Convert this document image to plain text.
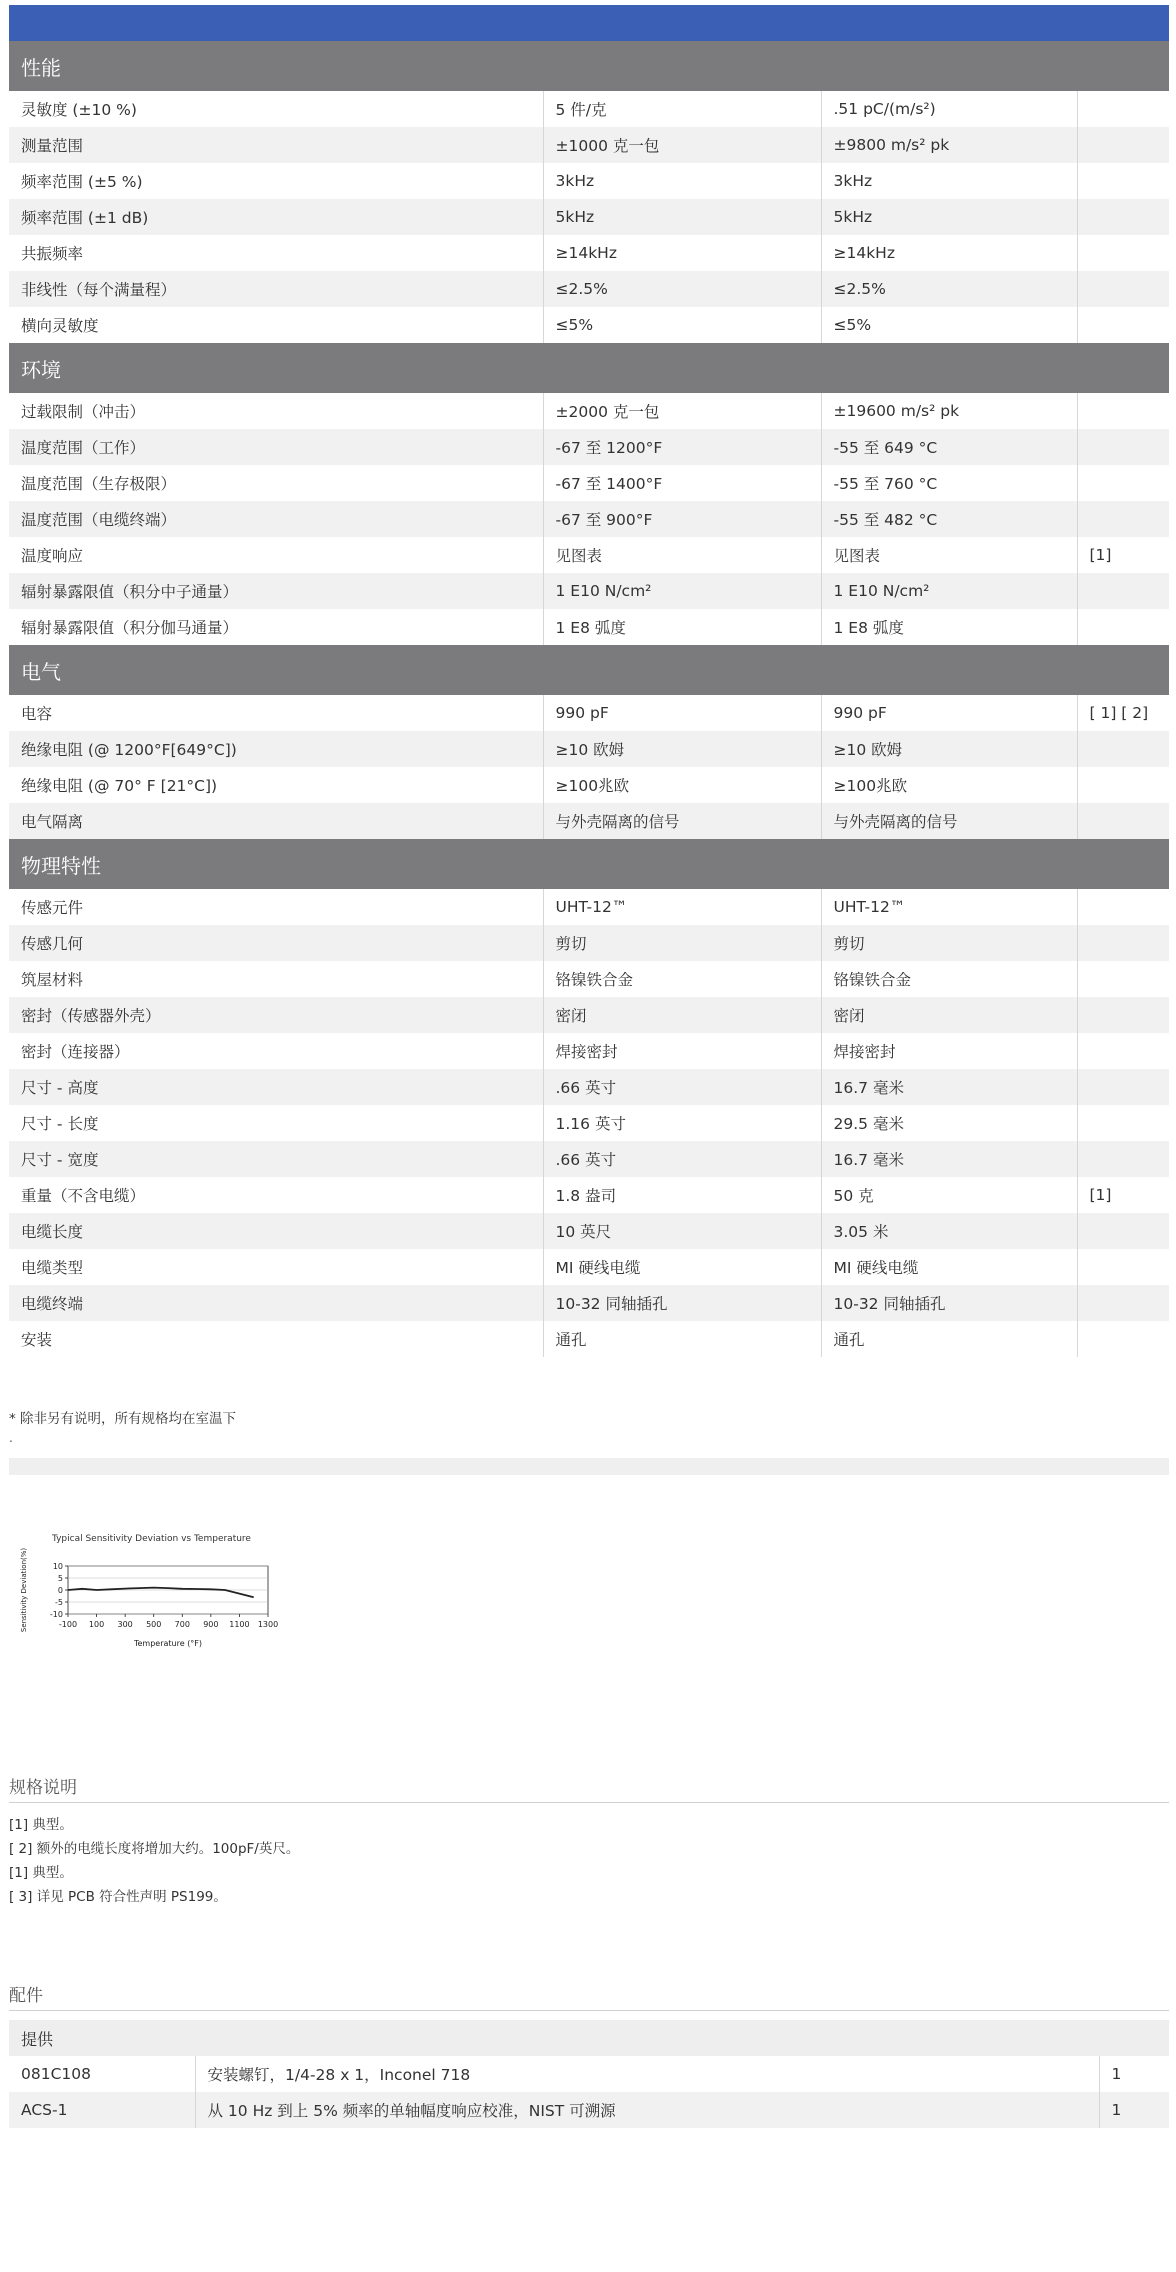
性能			
灵敏度 (±10 %)	5 件/克	.51 pC/(m/s²)	
测量范围	±1000 克一包	±9800 m/s² pk	
频率范围 (±5 %)	3kHz	3kHz	
频率范围 (±1 dB)	5kHz	5kHz	
共振频率	≥14kHz	≥14kHz	
非线性（每个满量程）	≤2.5%	≤2.5%	
横向灵敏度	≤5%	≤5%	
环境			
过载限制（冲击）	±2000 克一包	±19600 m/s² pk	
温度范围（工作）	-67 至 1200°F	-55 至 649 °C	
温度范围（生存极限）	-67 至 1400°F	-55 至 760 °C	
温度范围（电缆终端）	-67 至 900°F	-55 至 482 °C	
温度响应	见图表	见图表	[1]
辐射暴露限值（积分中子通量）	1 E10 N/cm²	1 E10 N/cm²	
辐射暴露限值（积分伽马通量）	1 E8 弧度	1 E8 弧度	
电气			
电容	990 pF	990 pF	[ 1] [ 2]
绝缘电阻 (@ 1200°F[649°C])	≥10 欧姆	≥10 欧姆	
绝缘电阻 (@ 70° F [21°C])	≥100兆欧	≥100兆欧	
电气隔离	与外壳隔离的信号	与外壳隔离的信号	
物理特性			
传感元件	UHT-12™	UHT-12™	
传感几何	剪切	剪切	
筑屋材料	铬镍铁合金	铬镍铁合金	
密封（传感器外壳）	密闭	密闭	
密封（连接器）	焊接密封	焊接密封	
尺寸 - 高度	.66 英寸	16.7 毫米	
尺寸 - 长度	1.16 英寸	29.5 毫米	
尺寸 - 宽度	.66 英寸	16.7 毫米	
重量（不含电缆）	1.8 盎司	50 克	[1]
电缆长度	10 英尺	3.05 米	
电缆类型	MI 硬线电缆	MI 硬线电缆	
电缆终端	10-32 同轴插孔	10-32 同轴插孔	
安装	通孔	通孔	
* 除非另有说明，所有规格均在室温下
.
Typical Sensitivity Deviation vs Temperature
10
5
0
-5
-10
-100 100 300 500 700 900 1100 1300
Temperature (°F)
Sensitivity Deviation(%)
规格说明
[1] 典型。
[ 2] 额外的电缆长度将增加大约。100pF/英尺。
[1] 典型。
[ 3] 详见 PCB 符合性声明 PS199。
配件
提供		
081C108	安装螺钉，1/4-28 x 1，Inconel 718	1
ACS-1	从 10 Hz 到上 5% 频率的单轴幅度响应校准，NIST 可溯源	1
